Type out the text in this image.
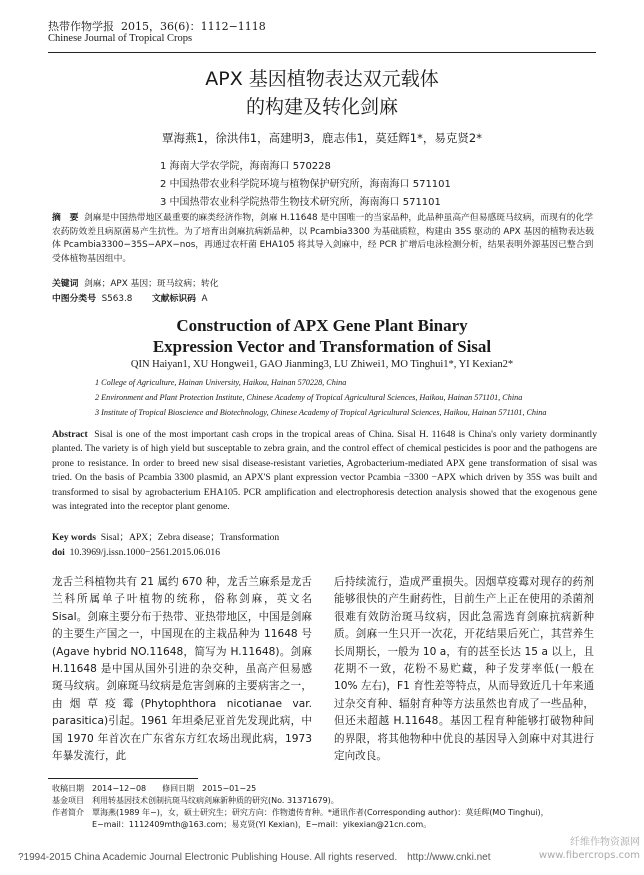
热带作物学报 2015，36(6)：1112−1118
Chinese Journal of Tropical Crops
APX 基因植物表达双元载体
的构建及转化剑麻
覃海燕1，徐洪伟1，高建明3，鹿志伟1，莫廷辉1*，易克贤2*
1 海南大学农学院，海南海口 570228
2 中国热带农业科学院环境与植物保护研究所，海南海口 571101
3 中国热带农业科学院热带生物技术研究所，海南海口 571101
摘　要 剑麻是中国热带地区最重要的麻类经济作物，剑麻 H.11648 是中国唯一的当家品种，此品种虽高产但易感斑马纹病，而现有的化学农药防效差且病原菌易产生抗性。为了培育出剑麻抗病新品种，以 Pcambia3300 为基础质粒，构建由 35S 驱动的 APX 基因的植物表达载体 Pcambia3300−35S−APX−nos，再通过农杆菌 EHA105 将其导入剑麻中，经 PCR 扩增后电泳检测分析，结果表明外源基因已整合到受体植物基因组中。
关键词 剑麻；APX 基因；斑马纹病；转化
中图分类号 S563.8 文献标识码 A
Construction of APX Gene Plant Binary
Expression Vector and Transformation of Sisal
QIN Haiyan1, XU Hongwei1, GAO Jianming3, LU Zhiwei1, MO Tinghui1*, YI Kexian2*
1 College of Agriculture, Hainan University, Haikou, Hainan 570228, China
2 Environment and Plant Protection Institute, Chinese Academy of Tropical Agricultural Sciences, Haikou, Hainan 571101, China
3 Institute of Tropical Bioscience and Biotechnology, Chinese Academy of Tropical Agricultural Sciences, Haikou, Hainan 571101, China
Abstract Sisal is one of the most important cash crops in the tropical areas of China. Sisal H. 11648 is China's only variety dorminantly planted. The variety is of high yield but susceptable to zebra grain, and the control effect of chemical pesticides is poor and the pathogens are prone to resistance. In order to breed new sisal disease-resistant varieties, Agrobacterium-mediated APX gene transformation of sisal was tried. On the basis of Pcambia 3300 plasmid, an APX'S plant expression vector Pcambia −3300 −APX which driven by 35S was built and transformed to sisal by agrobacterium EHA105. PCR amplification and electrophoresis detection analysis showed that the exogenous gene was integrated into the receptor plant genome.
Key words Sisal；APX；Zebra disease；Transformation
doi 10.3969/j.issn.1000−2561.2015.06.016
龙舌兰科植物共有 21 属约 670 种，龙舌兰麻系是龙舌兰科所属单子叶植物的统称，俗称剑麻，英文名 Sisal。剑麻主要分布于热带、亚热带地区，中国是剑麻的主要生产国之一，中国现在的主栽品种为 11648 号(Agave hybrid NO.11648，简写为 H.11648)。剑麻 H.11648 是中国从国外引进的杂交种，虽高产但易感斑马纹病。剑麻斑马纹病是危害剑麻的主要病害之一，由烟草疫霉(Phytophthora nicotianae var. parasitica)引起。1961 年坦桑尼亚首先发现此病，中国 1970 年首次在广东省东方红农场出现此病，1973 年暴发流行，此
后持续流行，造成严重损失。因烟草疫霉对现存的药剂能够很快的产生耐药性，目前生产上正在使用的杀菌剂很难有效防治斑马纹病，因此急需选育剑麻抗病新种质。剑麻一生只开一次花，开花结果后死亡，其营养生长周期长，一般为 10 a，有的甚至长达 15 a 以上，且花期不一致，花粉不易贮藏，种子发芽率低(一般在 10% 左右)，F1 育性差等特点，从而导致近几十年来通过杂交育种、辐射育种等方法虽然也育成了一些品种，但还未超越 H.11648。基因工程育种能够打破物种间的界限，将其他物种中优良的基因导入剑麻中对其进行定向改良。
收稿日期　2014−12−08　　修回日期　2015−01−25
基金项目　利用转基因技术创制抗斑马纹病剑麻新种质的研究(No. 31371679)。
作者简介　覃海燕(1989 年−)，女，硕士研究生；研究方向：作物遗传育种。*通讯作者(Corresponding author)：莫廷辉(MO Tinghui)，
E−mail：1112409mth@163.com；易克贤(YI Kexian)，E−mail：yikexian@21cn.com。
?1994-2015 China Academic Journal Electronic Publishing House. All rights reserved.　http://www.cnki.net
纤维作物资源网 www.fibercrops.com
